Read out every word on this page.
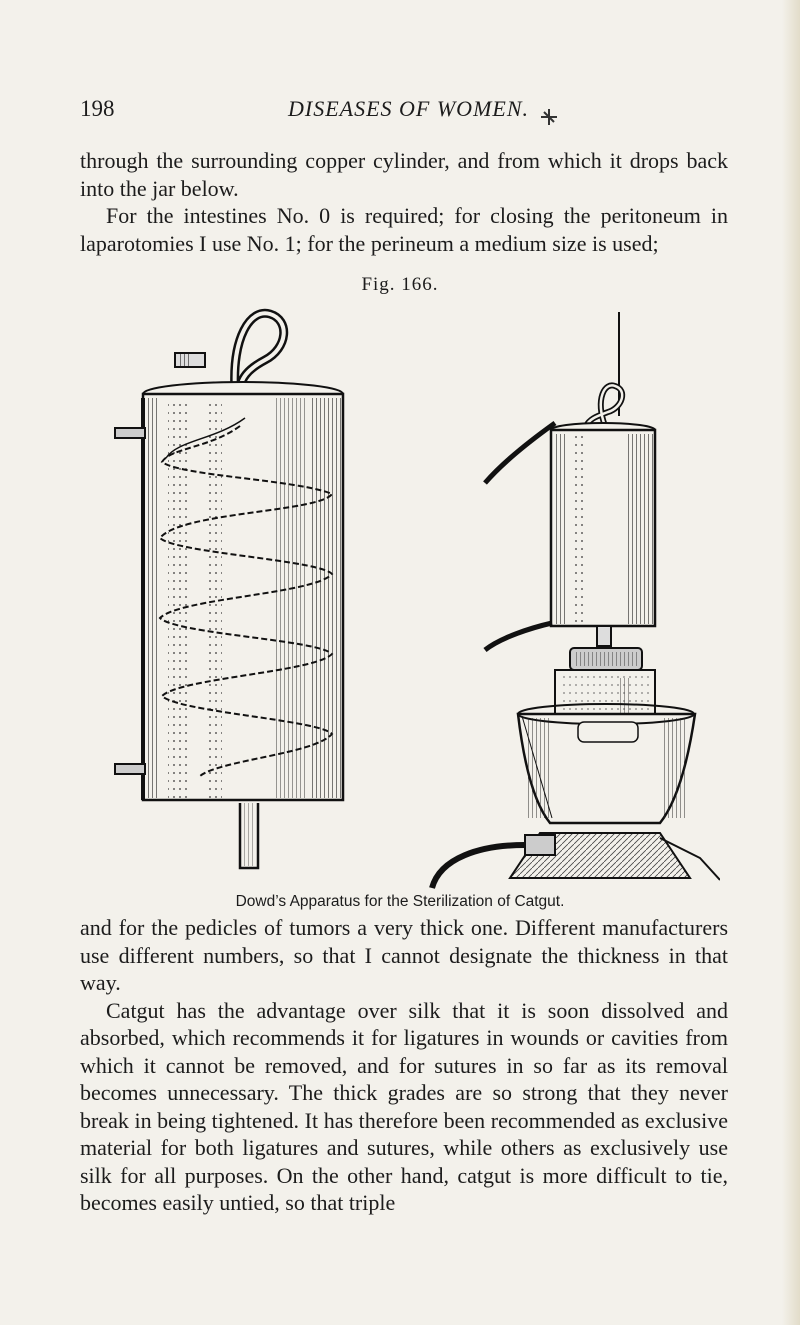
198	DISEASES OF WOMEN.

through the surrounding copper cylinder, and from which it drops back into the jar below.

For the intestines No. 0 is required; for closing the peritoneum in laparotomies I use No. 1; for the perineum a medium size is used;

Fig. 166.
Dowd’s Apparatus for the Sterilization of Catgut.

and for the pedicles of tumors a very thick one. Different manufacturers use different numbers, so that I cannot designate the thickness in that way.

Catgut has the advantage over silk that it is soon dissolved and absorbed, which recommends it for ligatures in wounds or cavities from which it cannot be removed, and for sutures in so far as its removal becomes unnecessary. The thick grades are so strong that they never break in being tightened. It has therefore been recommended as exclusive material for both ligatures and sutures, while others as exclusively use silk for all purposes. On the other hand, catgut is more difficult to tie, becomes easily untied, so that triple
